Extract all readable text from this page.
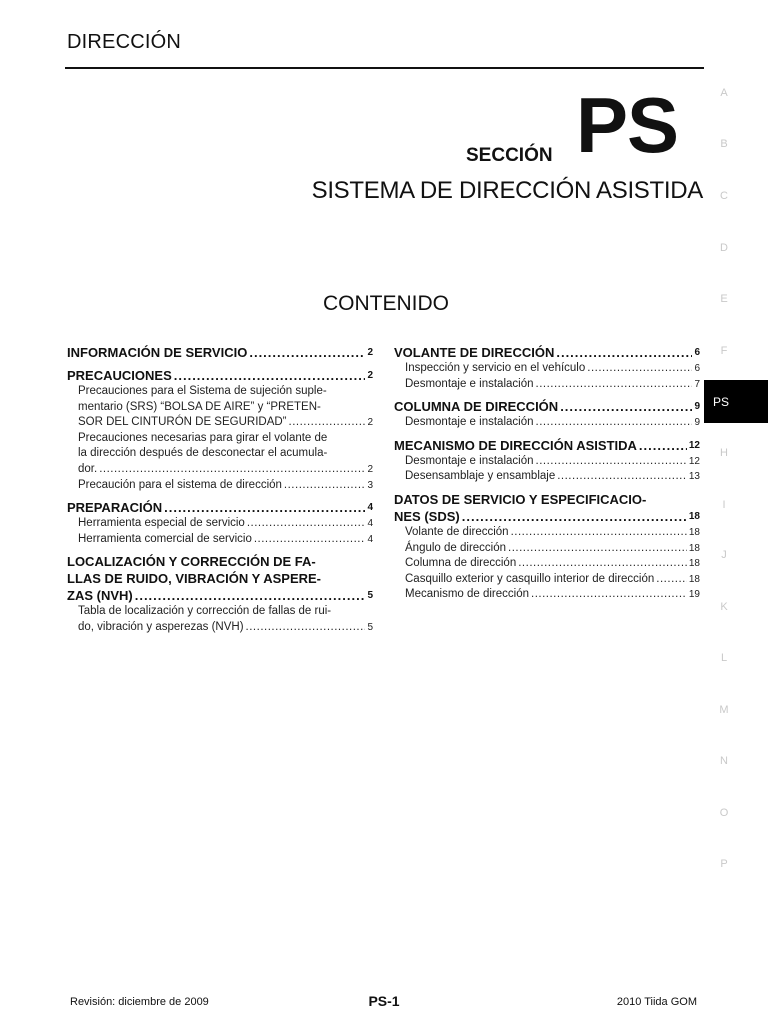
DIRECCIÓN
SECCIÓN PS
SISTEMA DE DIRECCIÓN ASISTIDA
CONTENIDO
INFORMACIÓN DE SERVICIO .....	2
PRECAUCIONES .....	2
Precauciones para el Sistema de sujeción suple-
mentario (SRS) “BOLSA DE AIRE” y “PRETEN-
SOR DEL CINTURÓN DE SEGURIDAD” .....	2
Precauciones necesarias para girar el volante de
la dirección después de desconectar el acumula-
dor. .....	2
Precaución para el sistema de dirección .....	3
PREPARACIÓN .....	4
Herramienta especial de servicio .....	4
Herramienta comercial de servicio .....	4
LOCALIZACIÓN Y CORRECCIÓN DE FA-
LLAS DE RUIDO, VIBRACIÓN Y ASPERE-
ZAS (NVH) .....	5
Tabla de localización y corrección de fallas de rui-
do, vibración y asperezas (NVH) .....	5
VOLANTE DE DIRECCIÓN .....	6
Inspección y servicio en el vehículo .....	6
Desmontaje e instalación .....	7
COLUMNA DE DIRECCIÓN .....	9
Desmontaje e instalación .....	9
MECANISMO DE DIRECCIÓN ASISTIDA .....	12
Desmontaje e instalación .....	12
Desensamblaje y ensamblaje .....	13
DATOS DE SERVICIO Y ESPECIFICACIO-
NES (SDS) .....	18
Volante de dirección .....	18
Ángulo de dirección .....	18
Columna de dirección .....	18
Casquillo exterior y casquillo interior de dirección .....	18
Mecanismo de dirección .....	19
A
B
C
D
E
F
PS
H
I
J
K
L
M
N
O
P
Revisión: diciembre de 2009	PS-1	2010 Tiida GOM
